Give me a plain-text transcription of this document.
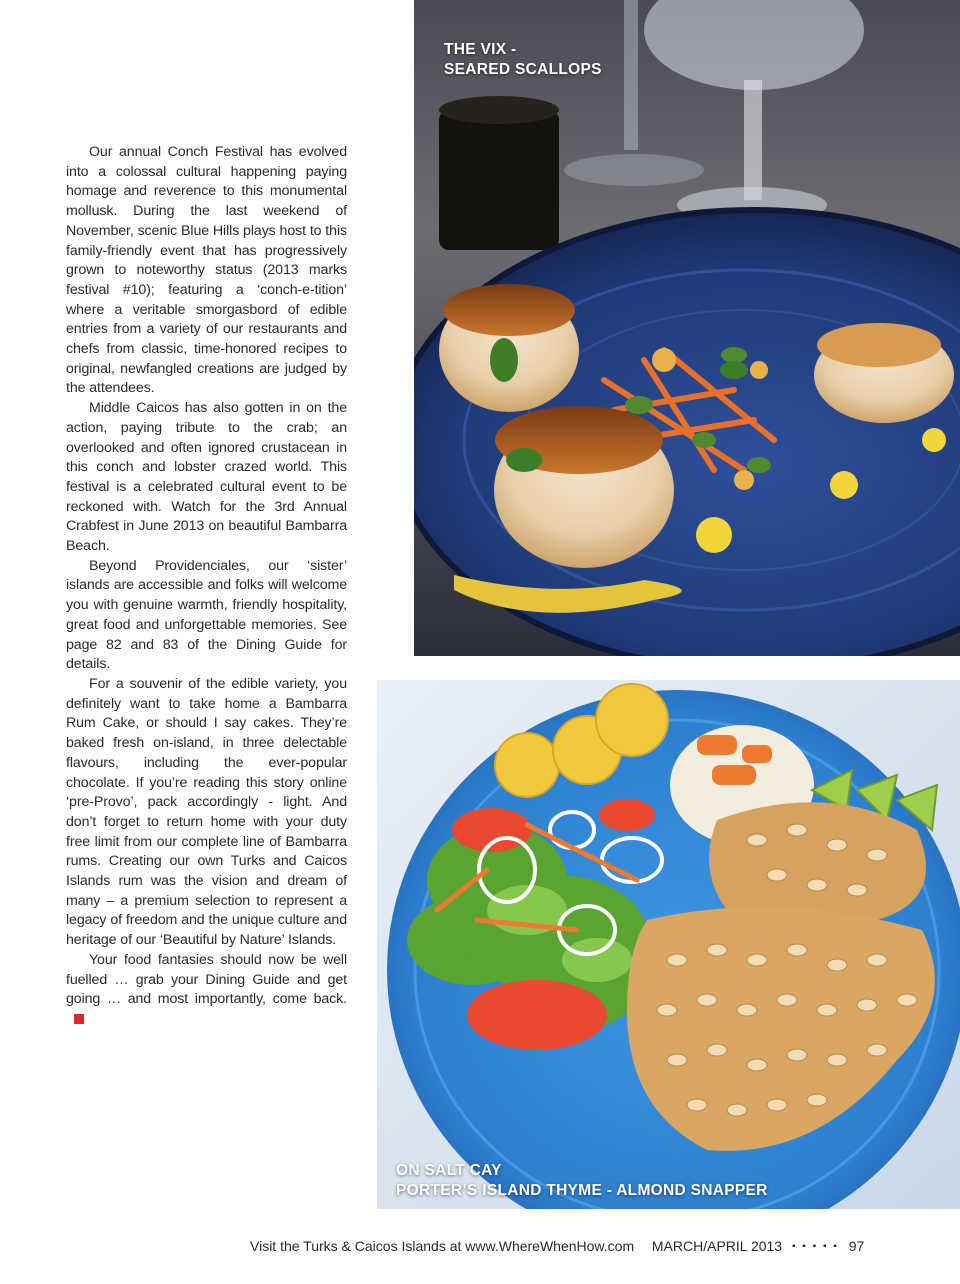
Our annual Conch Festival has evolved into a colossal cultural happening paying homage and reverence to this monumental mollusk. During the last weekend of November, scenic Blue Hills plays host to this family-friendly event that has progressively grown to noteworthy status (2013 marks festival #10); featuring a ‘conch-e-tition’ where a veritable smorgasbord of edible entries from a variety of our restaurants and chefs from classic, time-honored recipes to original, newfangled creations are judged by the attendees.

Middle Caicos has also gotten in on the action, paying tribute to the crab; an overlooked and often ignored crustacean in this conch and lobster crazed world. This festival is a celebrated cultural event to be reckoned with. Watch for the 3rd Annual Crabfest in June 2013 on beautiful Bambarra Beach.

Beyond Providenciales, our ‘sister’ islands are accessible and folks will welcome you with genuine warmth, friendly hospitality, great food and unforgettable memories. See page 82 and 83 of the Dining Guide for details.

For a souvenir of the edible variety, you definitely want to take home a Bambarra Rum Cake, or should I say cakes. They’re baked fresh on-island, in three delectable flavours, including the ever-popular chocolate. If you’re reading this story online ‘pre-Provo’, pack accordingly - light. And don’t forget to return home with your duty free limit from our complete line of Bambarra rums. Creating our own Turks and Caicos Islands rum was the vision and dream of many – a premium selection to represent a legacy of freedom and the unique culture and heritage of our ‘Beautiful by Nature’ Islands.

Your food fantasies should now be well fuelled … grab your Dining Guide and get going … and most importantly, come back.

THE VIX -
SEARED SCALLOPS
ON SALT CAY
PORTER’S ISLAND THYME - ALMOND SNAPPER
Visit the Turks & Caicos Islands at www.WhereWhenHow.com MARCH/APRIL 2013 ▪ ▪ ▪ ▪ ▪ 97
